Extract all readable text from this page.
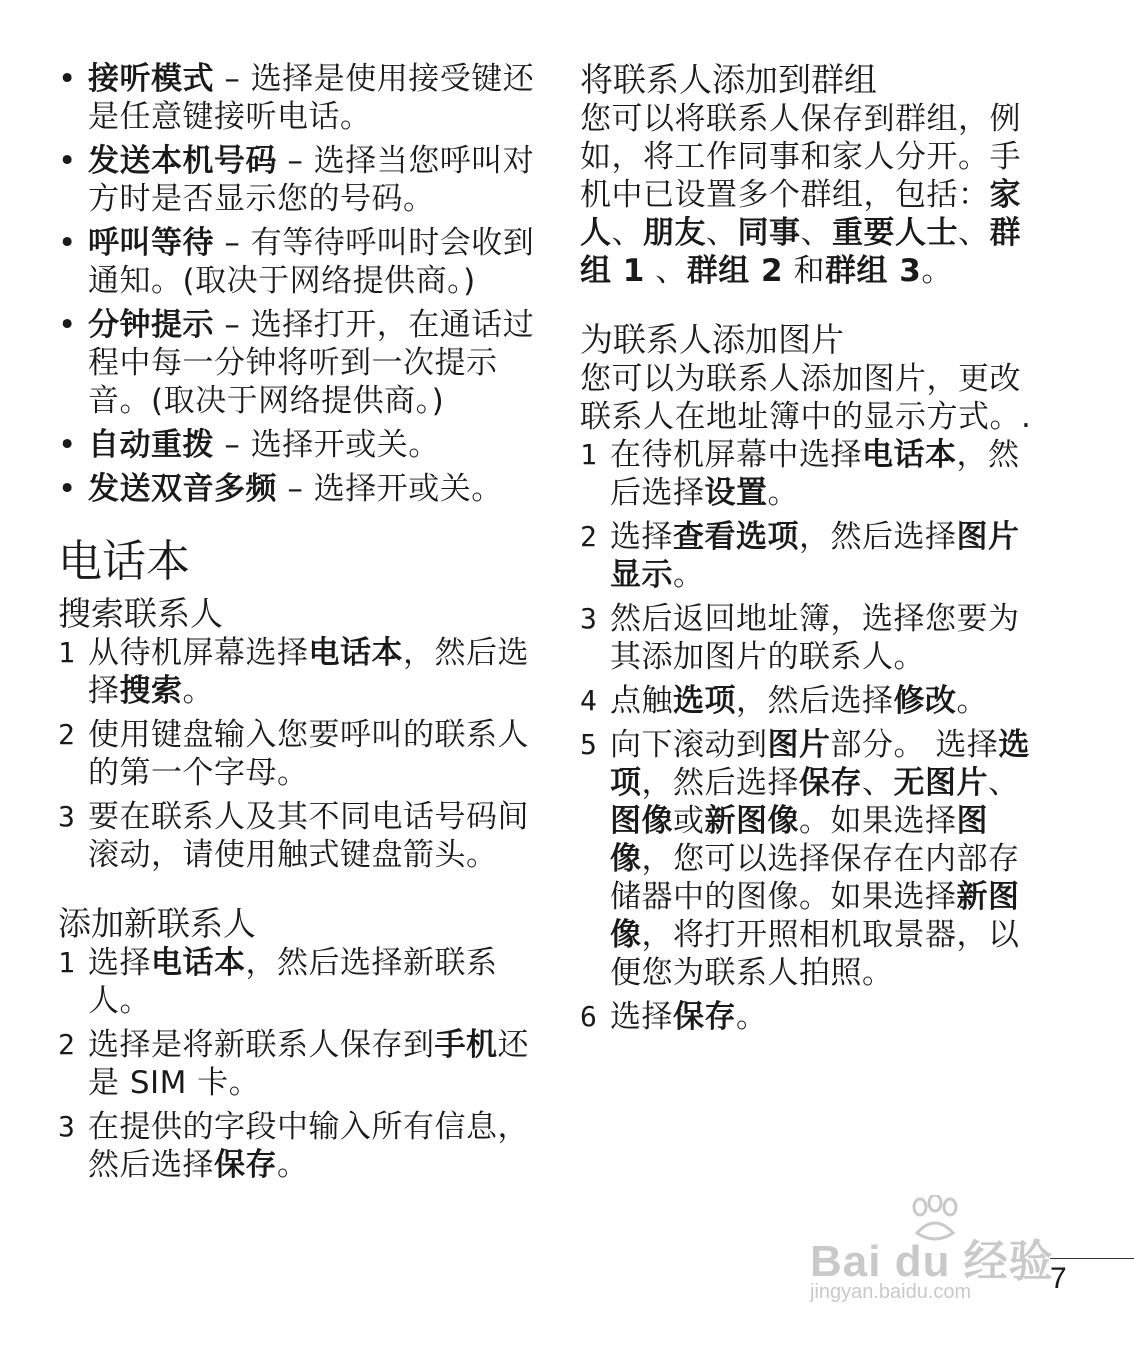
• 接听模式 – 选择是使用接受键还是任意键接听电话。
• 发送本机号码 – 选择当您呼叫对方时是否显示您的号码。
• 呼叫等待 – 有等待呼叫时会收到通知。(取决于网络提供商。)
• 分钟提示 – 选择打开，在通话过程中每一分钟将听到一次提示音。(取决于网络提供商。)
• 自动重拨 – 选择开或关。
• 发送双音多频 – 选择开或关。
电话本
搜索联系人
1 从待机屏幕选择电话本，然后选择搜索。
2 使用键盘输入您要呼叫的联系人的第一个字母。
3 要在联系人及其不同电话号码间滚动，请使用触式键盘箭头。
添加新联系人
1 选择电话本，然后选择新联系人。
2 选择是将新联系人保存到手机还是 SIM 卡。
3 在提供的字段中输入所有信息，然后选择保存。
将联系人添加到群组

您可以将联系人保存到群组，例如，将工作同事和家人分开。手机中已设置多个群组，包括：家人、朋友、同事、重要人士、群组 1 、群组 2 和群组 3。

为联系人添加图片

您可以为联系人添加图片，更改联系人在地址簿中的显示方式。.

1 在待机屏幕中选择电话本，然后选择设置。
2 选择查看选项，然后选择图片显示。
3 然后返回地址簿，选择您要为其添加图片的联系人。
4 点触选项，然后选择修改。
5 向下滚动到图片部分。 选择选项，然后选择保存、无图片、图像或新图像。如果选择图像，您可以选择保存在内部存储器中的图像。如果选择新图像，将打开照相机取景器，以便您为联系人拍照。
6 选择保存。
7
Bai du 经验
jingyan.baidu.com
